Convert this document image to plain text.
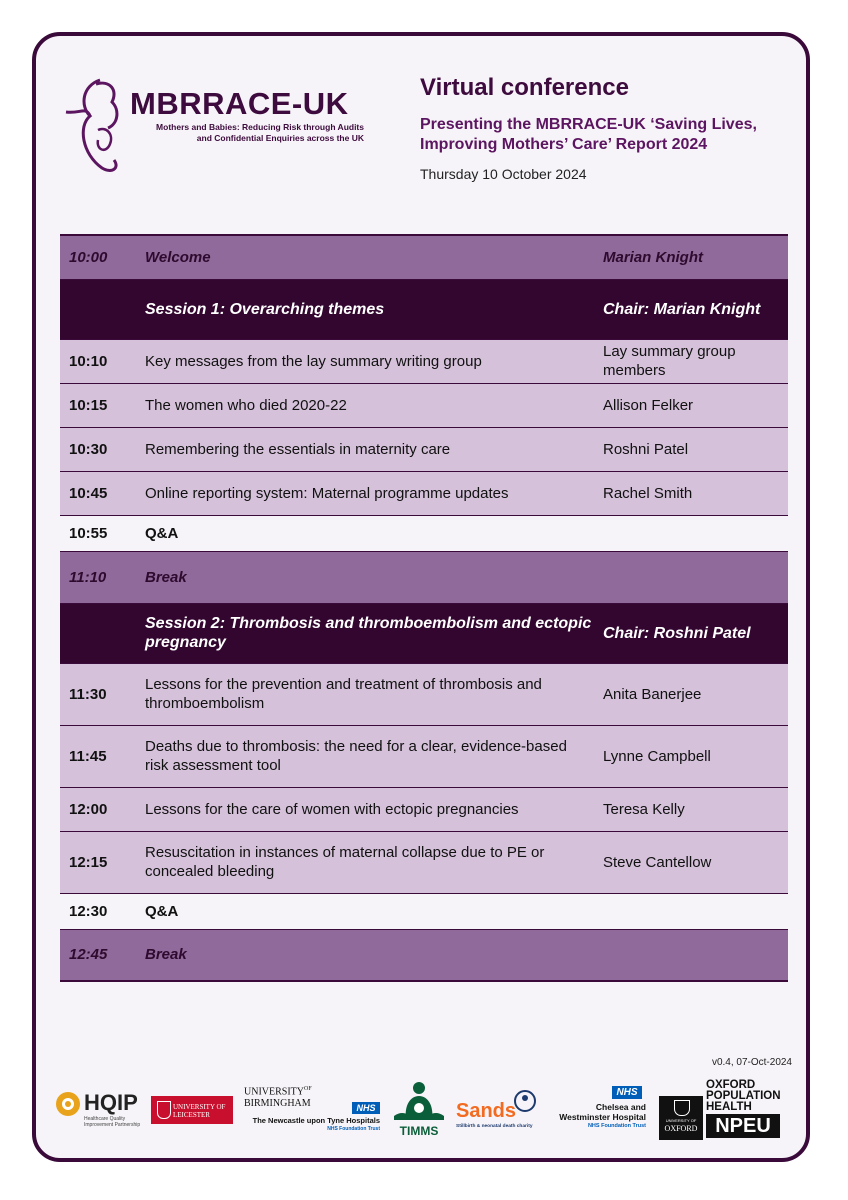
MBRRACE-UK
Mothers and Babies: Reducing Risk through Audits and Confidential Enquiries across the UK
Virtual conference
Presenting the MBRRACE-UK ‘Saving Lives, Improving Mothers’ Care’ Report 2024
Thursday 10 October 2024
10:00	Welcome	Marian Knight
	Session 1: Overarching themes	Chair: Marian Knight
10:10	Key messages from the lay summary writing group	Lay summary group members
10:15	The women who died 2020-22	Allison Felker
10:30	Remembering the essentials in maternity care	Roshni Patel
10:45	Online reporting system: Maternal programme updates	Rachel Smith
10:55	Q&A	
11:10	Break	
	Session 2: Thrombosis and thromboembolism and ectopic pregnancy	Chair: Roshni Patel
11:30	Lessons for the prevention and treatment of thrombosis and thromboembolism	Anita Banerjee
11:45	Deaths due to thrombosis: the need for a clear, evidence-based risk assessment tool	Lynne Campbell
12:00	Lessons for the care of women with ectopic pregnancies	Teresa Kelly
12:15	Resuscitation in instances of maternal collapse due to PE or concealed bleeding	Steve Cantellow
12:30	Q&A	
12:45	Break	
v0.4, 07-Oct-2024
HQIP
Healthcare Quality Improvement Partnership
UNIVERSITY OF LEICESTER
$UNIVERSITY^{OF}$
BIRMINGHAM	NHS
The Newcastle upon Tyne Hospitals
NHS Foundation Trust	TIMMS
Sands
Stillbirth & neonatal death charity
NHS
Chelsea and
Westminster Hospital
NHS Foundation Trust
UNIVERSITY OF
OXFORD
OXFORD
POPULATION
HEALTH
NPEU
